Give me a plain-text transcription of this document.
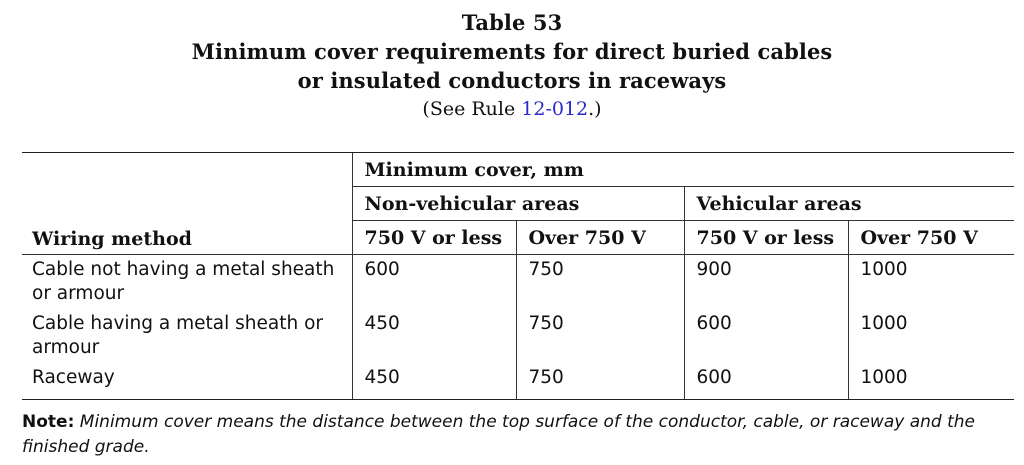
Table 53
Minimum cover requirements for direct buried cables
or insulated conductors in raceways
(See Rule 12-012.)
Wiring method	Minimum cover, mm			
	Non-vehicular areas		Vehicular areas	
	750 V or less	Over 750 V	750 V or less	Over 750 V
Cable not having a metal sheath or armour	600	750	900	1000
Cable having a metal sheath or armour	450	750	600	1000
Raceway	450	750	600	1000
Note: Minimum cover means the distance between the top surface of the conductor, cable, or raceway and the finished grade.
